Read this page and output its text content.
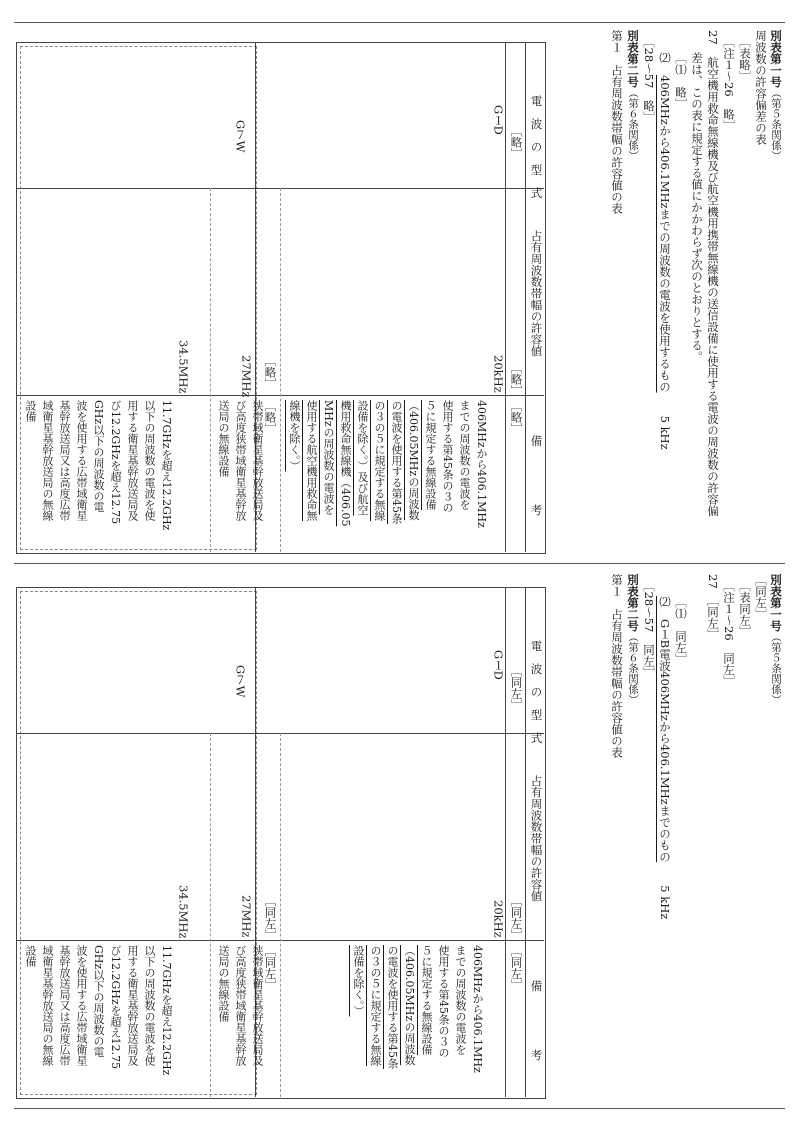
別表第一号（第５条関係）
周波数の許容偏差の表
［表略］
［注１～26　略］
27　航空機用救命無線機及び航空機用携帯無線機の送信設備に使用する電波の周波数の許容偏
差は、この表に規定する値にかかわらず次のとおりとする。
［⑴　略］
⑵　406MHzから406.1MHzまでの周波数の電波を使用するもの　　5 kHz
［28～57　略］
別表第二号（第６条関係）
第１　占有周波数帯幅の許容値の表
電　波　の　型　式
占有周波数帯幅の許容値
備　　　　　考
［略］
［略］
［略］
G１D
20kHz

406MHzから406.1MHz

までの周波数の電波を

使用する第45条の３の

５に規定する無線設備

（406.05MHzの周波数

の電波を使用する第45条

の３の５に規定する無線

設備を除く。）及び航空

機用救命無線機（406.05

MHzの周波数の電波を

使用する航空機用救命無

線機を除く。）

G７W
［略］
［略］
27MHz

狭帯域衛星基幹放送局及

び高度狭帯域衛星基幹放

送局の無線設備

34.5MHz

11.7GHzを超え12.2GHz

以下の周波数の電波を使

用する衛星基幹放送局及

び12.2GHzを超え12.75

GHz以下の周波数の電

波を使用する広帯域衛星

基幹放送局又は高度広帯

域衛星基幹放送局の無線

設備

別表第一号（第５条関係）
［同左］
［表同左］
［注１～26　同左］
27　［同左］
［⑴　同左］
⑵　G１B電波406MHzから406.1MHzまでのもの　　5 kHz
［28～57　同左］
別表第二号（第６条関係）
第１　占有周波数帯幅の許容値の表
電　波　の　型　式
占有周波数帯幅の許容値
備　　　　　考
［同左］
［同左］
［同左］
G１D
20kHz

406MHzから406.1MHz

までの周波数の電波を

使用する第45条の３の

５に規定する無線設備

（406.05MHzの周波数

の電波を使用する第45条

の３の５に規定する無線

設備を除く。）

G７W
［同左］
［同左］
27MHz

狭帯域衛星基幹放送局及

び高度狭帯域衛星基幹放

送局の無線設備

34.5MHz

11.7GHzを超え12.2GHz

以下の周波数の電波を使

用する衛星基幹放送局及

び12.2GHzを超え12.75

GHz以下の周波数の電

波を使用する広帯域衛星

基幹放送局又は高度広帯

域衛星基幹放送局の無線

設備
